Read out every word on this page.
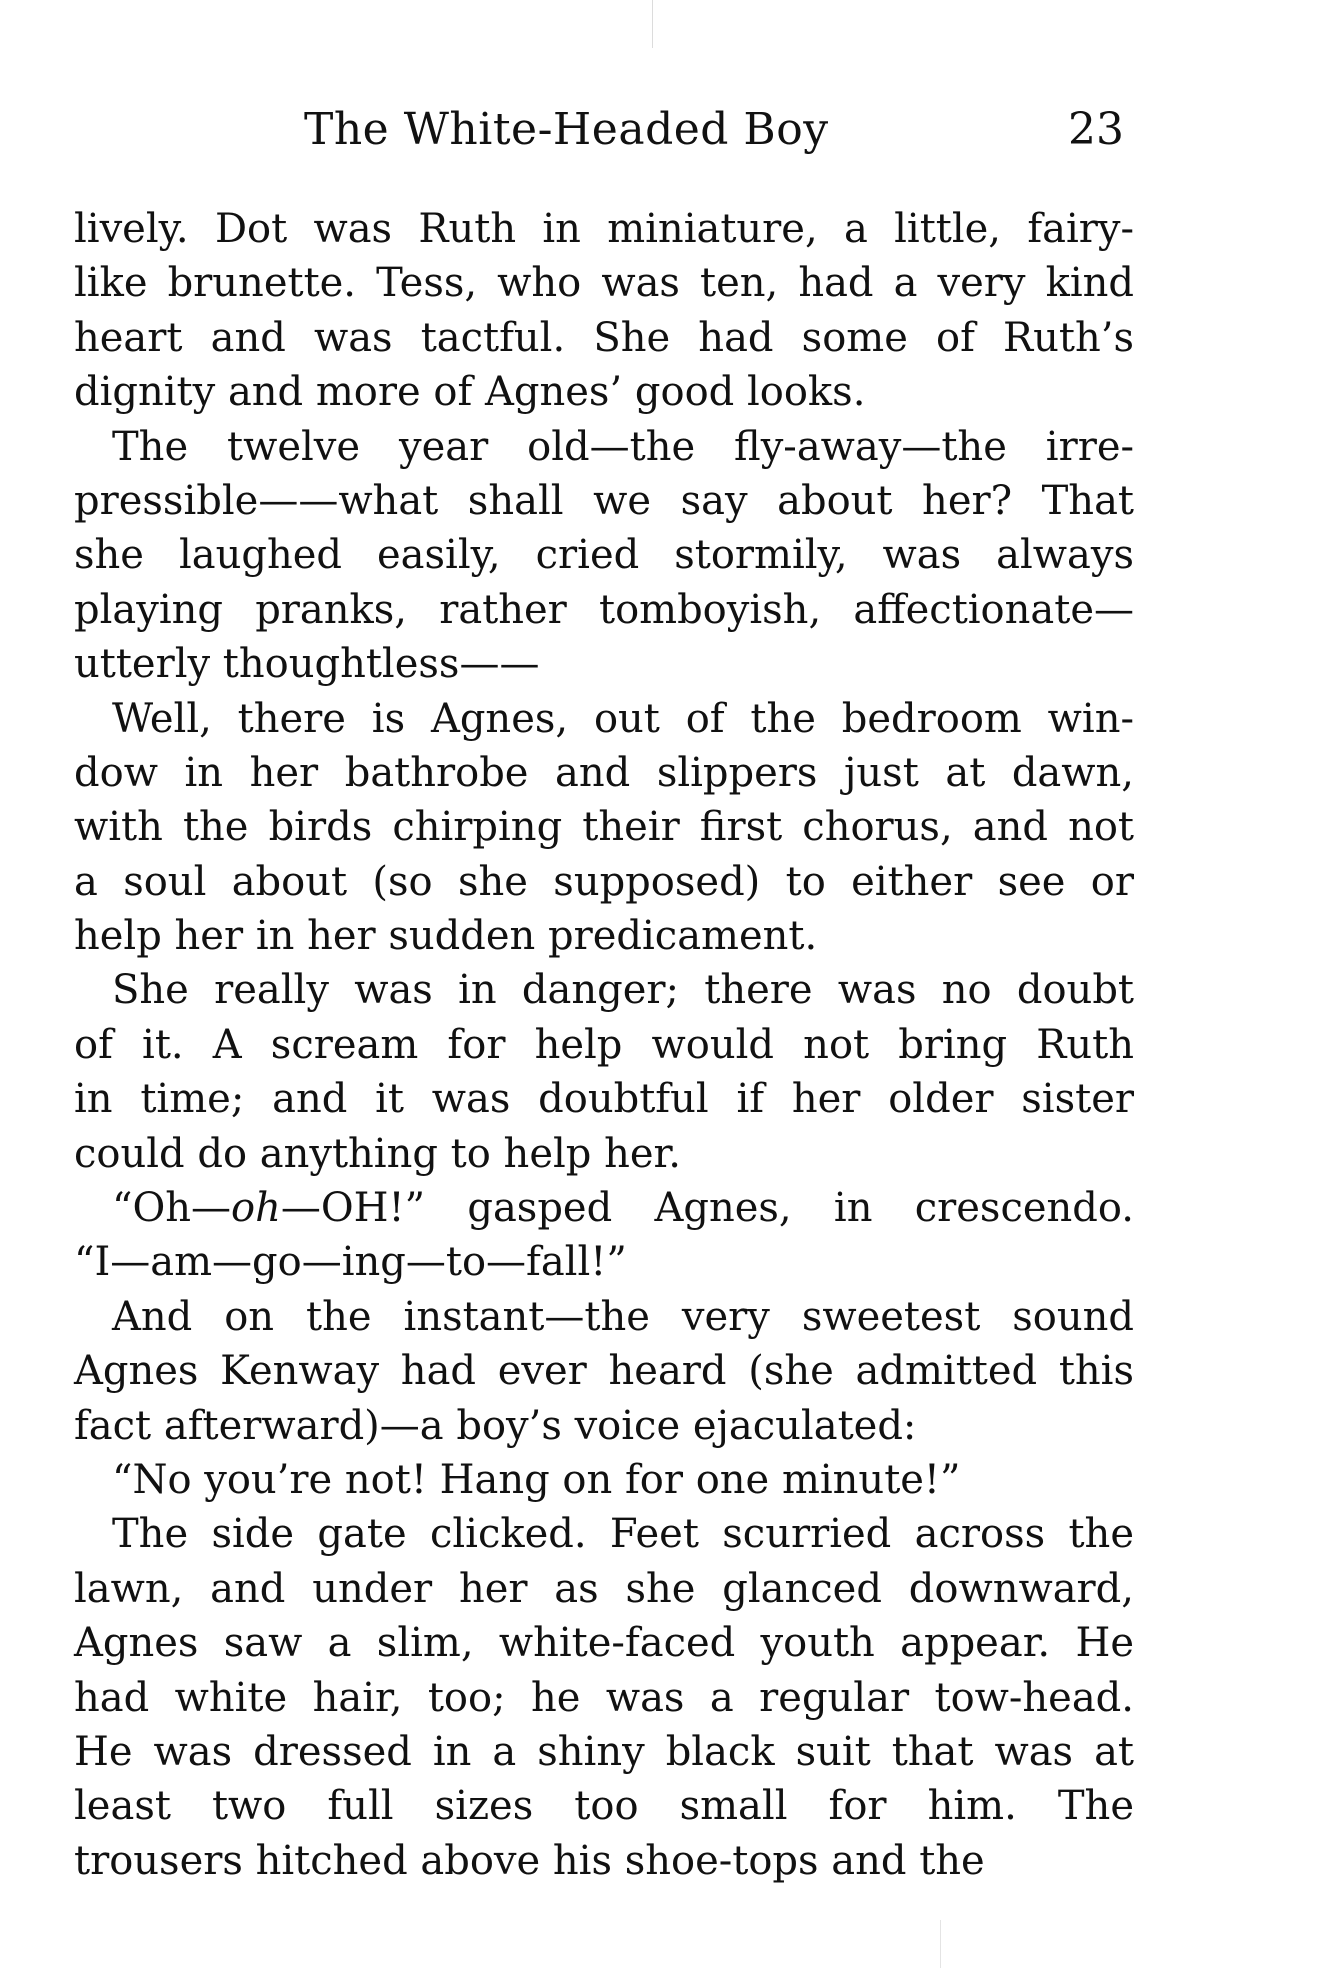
The White-Headed Boy	23
lively. Dot was Ruth in miniature, a little, fairy-
like brunette. Tess, who was ten, had a very kind
heart and was tactful. She had some of Ruth’s
dignity and more of Agnes’ good looks.
The twelve year old—the fly-away—the irre-
pressible——what shall we say about her? That
she laughed easily, cried stormily, was always
playing pranks, rather tomboyish, affectionate—
utterly thoughtless——
Well, there is Agnes, out of the bedroom win-
dow in her bathrobe and slippers just at dawn,
with the birds chirping their first chorus, and not
a soul about (so she supposed) to either see or
help her in her sudden predicament.
She really was in danger; there was no doubt
of it. A scream for help would not bring Ruth
in time; and it was doubtful if her older sister
could do anything to help her.
“Oh—oh—OH!” gasped Agnes, in crescendo.
“I—am—go—ing—to—fall!”
And on the instant—the very sweetest sound
Agnes Kenway had ever heard (she admitted this
fact afterward)—a boy’s voice ejaculated:
“No you’re not! Hang on for one minute!”
The side gate clicked. Feet scurried across the
lawn, and under her as she glanced downward,
Agnes saw a slim, white-faced youth appear. He
had white hair, too; he was a regular tow-head.
He was dressed in a shiny black suit that was at
least two full sizes too small for him. The
trousers hitched above his shoe-tops and the
